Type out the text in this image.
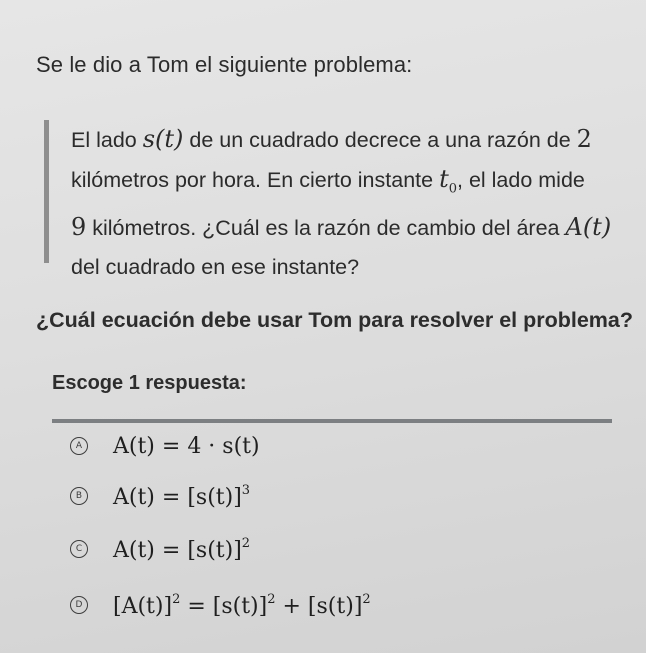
Se le dio a Tom el siguiente problema:
El lado s(t) de un cuadrado decrece a una razón de 2
kilómetros por hora. En cierto instante $t_0$, el lado mide
9 kilómetros. ¿Cuál es la razón de cambio del área A(t)
del cuadrado en ese instante?
¿Cuál ecuación debe usar Tom para resolver el problema?
Escoge 1 respuesta:
A A(t) = 4 · s(t)
B $A(t) = [s(t)]^3$
C $A(t) = [s(t)]^2$
D $[A(t)]^2 = [s(t)]^2 + [s(t)]^2$
